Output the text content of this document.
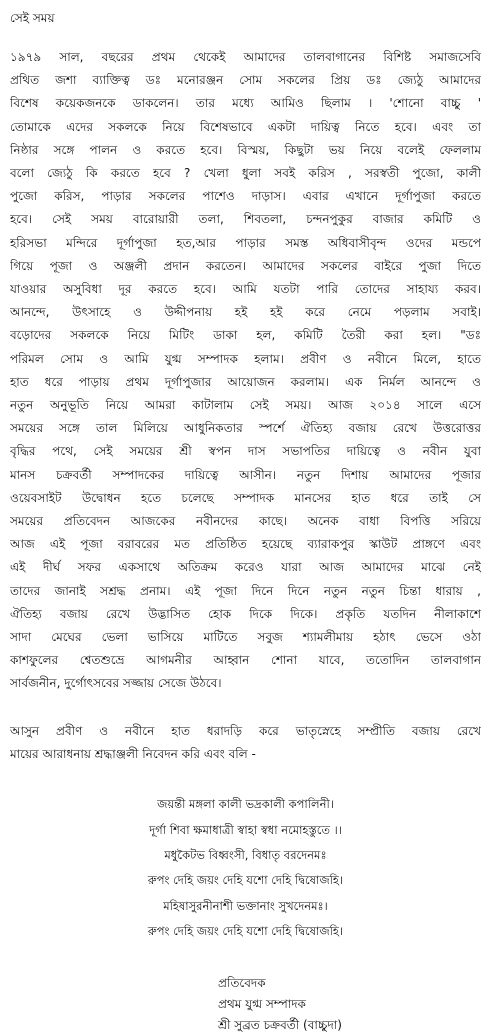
সেই সময়
১৯৭৯ সাল, বছরের প্রথম থেকেই আমাদের তালবাগানের বিশিষ্ট সমাজসেবি
প্রথিত জশা ব্যাক্তিত্ব ডঃ মনোরঞ্জন সোম সকলের প্রিয় ডঃ জ্যেঠু আমাদের
বিশেষ কয়েকজনকে ডাকলেন। তার মধ্যে আমিও ছিলাম । 'শোনো বাচ্চু '
তোমাকে এদের সকলকে নিয়ে বিশেষভাবে একটা দায়িত্ব নিতে হবে। এবং তা
নিষ্ঠার সঙ্গে পালন ও করতে হবে। বিস্ময়, কিছুটা ভয় নিয়ে বলেই ফেললাম
বলো জ্যেঠু কি করতে হবে ? খেলা ধুলা সবই করিস , সরস্বতী পুজো, কালী
পুজো করিস, পাড়ার সকলের পাশেও দাড়াস। এবার এখানে দূর্গাপুজা করতে
হবে। সেই সময় বারোয়ারী তলা, শিবতলা, চন্দনপুকুর বাজার কমিটি ও
হরিসভা মন্দিরে দূর্গাপুজা হত,আর পাড়ার সমস্ত অধিবাসীবৃন্দ ওদের মন্ডপে
গিয়ে পূজা ও অঞ্জলী প্রদান করতেন। আমাদের সকলের বাইরে পুজা দিতে
যাওয়ার অসুবিধা দূর করতে হবে। আমি যতটা পারি তোদের সাহায্য করব।
আনন্দে, উৎসাহে ও উদ্দীপনায় হই হই করে নেমে পড়লাম সবাই।
বড়োদের সকলকে নিয়ে মিটিং ডাকা হল, কমিটি তৈরী করা হল। "ডঃ
পরিমল সোম ও আমি যুগ্ম সম্পাদক হলাম। প্রবীণ ও নবীনে মিলে, হাতে
হাত ধরে পাড়ায় প্রথম দূর্গাপুজার আয়োজন করলাম। এক নির্মল আনন্দে ও
নতুন অনুভূতি নিয়ে আমরা কাটালাম সেই সময়। আজ ২০১৪ সালে এসে
সময়ের সঙ্গে তাল মিলিয়ে আধুনিকতার স্পর্শে ঐতিহ্য বজায় রেখে উত্তরোত্তর
বৃদ্ধির পথে, সেই সময়ের শ্রী স্বপন দাস সভাপতির দায়িত্বে ও নবীন যুবা
মানস চক্রবর্তী সম্পাদকের দায়িত্বে আসীন। নতুন দিশায় আমাদের পূজার
ওয়েবসাইট উদ্বোধন হতে চলেছে সম্পাদক মানসের হাত ধরে তাই সে
সময়ের প্রতিবেদন আজকের নবীনদের কাছে। অনেক বাধা বিপত্তি সরিয়ে
আজ এই পূজা বরাবরের মত প্রতিষ্ঠিত হয়েছে ব্যারাকপুর স্কাউট প্রাঙ্গণে এবং
এই দীর্ঘ সফর একসাথে অতিক্রম করেও যারা আজ আমাদের মাঝে নেই
তাদের জানাই সশ্রদ্ধ প্রনাম। এই পূজা দিনে দিনে নতুন নতুন চিন্তা ধারায় ,
ঐতিহ্য বজায় রেখে উদ্ভাসিত হোক দিকে দিকে। প্রকৃতি যতদিন নীলাকাশে
সাদা মেঘের ভেলা ভাসিয়ে মাটিতে সবুজ শ্যামলীমায় হঠাৎ ভেসে ওঠা
কাশফুলের শ্বেতশুভ্রে আগমনীর আহ্বান শোনা যাবে, ততোদিন তালবাগান
সার্বজনীন, দুর্গোৎসবের সজ্জায় সেজে উঠবে।
আসুন প্রবীণ ও নবীনে হাত ধরাদড়ি করে ভাতৃস্নেহে সম্প্রীতি বজায় রেখে
মায়ের আরাধনায় শ্রদ্ধাঞ্জলী নিবেদন করি এবং বলি -
জয়ন্তী মঙ্গলা কালী ভদ্রকালী কপালিনী।
দূর্গা শিবা ক্ষমাধাত্রী স্বাহা স্বধা নমোহস্তুতে ।।
মধুকৈটভ বিধ্বংসী, বিধাতৃ বরদেনমঃ
রুপং দেহি জয়ং দেহি যশো দেহি দ্বিষোজহি।
মহিষাসুরনীনাশী ভক্তানাং সুখদেনমঃ।
রুপং দেহি জয়ং দেহি যশো দেহি দ্বিষোজহি।
প্রতিবেদক
প্রথম যুগ্ম সম্পাদক
শ্রী সুব্রত চক্রবর্তী (বাচ্চুদা)
